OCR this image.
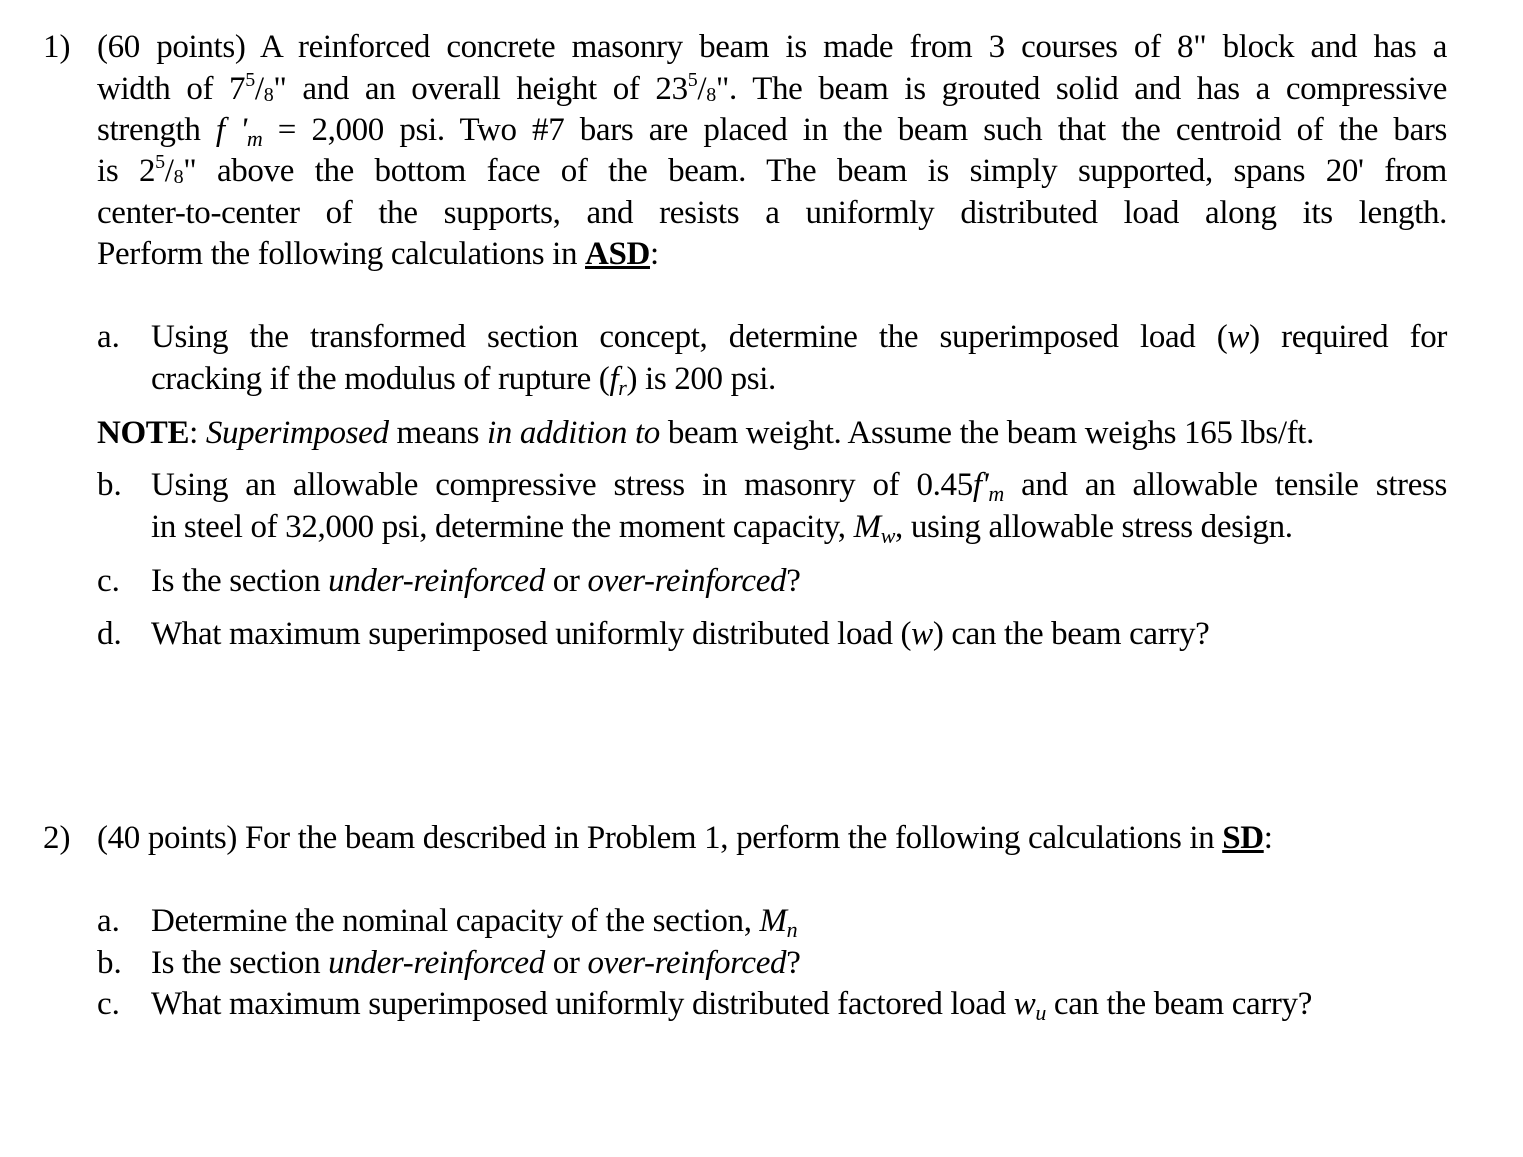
1) (60 points) A reinforced concrete masonry beam is made from 3 courses of 8" block and has a
width of $7^5/_8$" and an overall height of $23^5/_8$". The beam is grouted solid and has a compressive
strength f 'm = 2,000 psi. Two #7 bars are placed in the beam such that the centroid of the bars
is $2^5/_8$" above the bottom face of the beam. The beam is simply supported, spans 20' from
center-to-center of the supports, and resists a uniformly distributed load along its length.
Perform the following calculations in ASD:
a. Using the transformed section concept, determine the superimposed load (w) required for
cracking if the modulus of rupture (fr) is 200 psi.
NOTE: Superimposed means in addition to beam weight. Assume the beam weighs 165 lbs/ft.
b. Using an allowable compressive stress in masonry of 0.45f'm and an allowable tensile stress
in steel of 32,000 psi, determine the moment capacity, Mw, using allowable stress design.
c. Is the section under-reinforced or over-reinforced?
d. What maximum superimposed uniformly distributed load (w) can the beam carry?
2) (40 points) For the beam described in Problem 1, perform the following calculations in SD:
a. Determine the nominal capacity of the section, Mn
b. Is the section under-reinforced or over-reinforced?
c. What maximum superimposed uniformly distributed factored load wu can the beam carry?
